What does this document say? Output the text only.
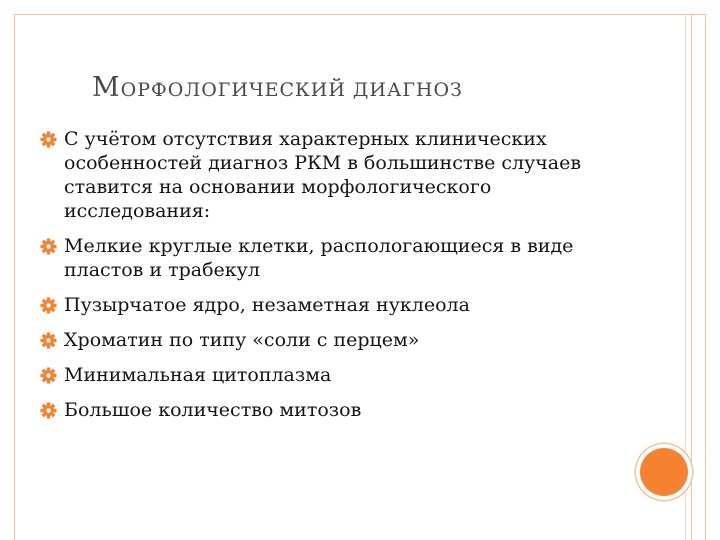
МОРФОЛОГИЧЕСКИЙ ДИАГНОЗ
С учётом отсутствия характерных клинических особенностей диагноз РКМ в большинстве случаев ставится на основании морфологического исследования:
Мелкие круглые клетки, распологающиеся в виде пластов и трабекул
Пузырчатое ядро, незаметная нуклеола
Хроматин по типу «соли с перцем»
Минимальная цитоплазма
Большое количество митозов
